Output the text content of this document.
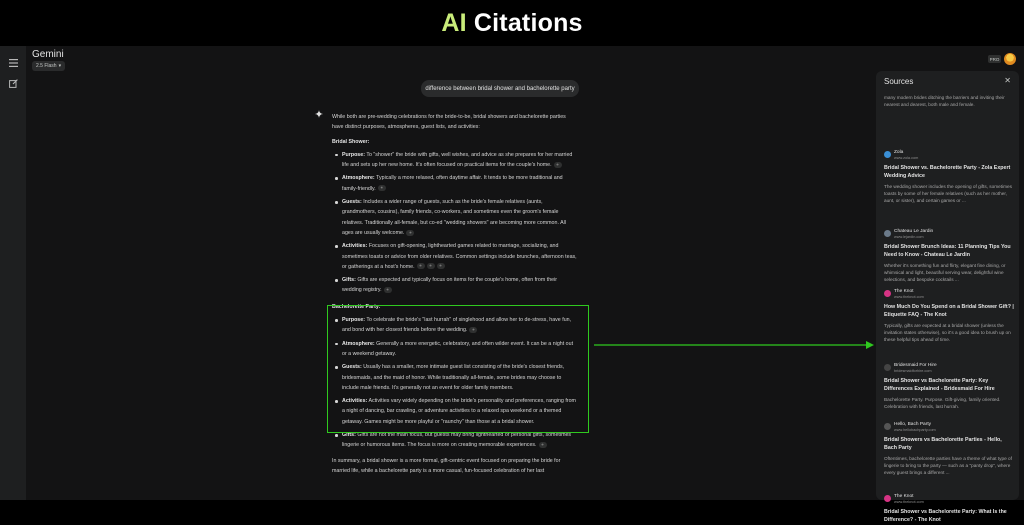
AI Citations
Gemini
2.5 Flash ▾
PRO
difference between bridal shower and bachelorette party
✦ While both are pre-wedding celebrations for the bride-to-be, bridal showers and bachelorette parties have distinct purposes, atmospheres, guest lists, and activities:

Bridal Shower:
Purpose: To "shower" the bride with gifts, well wishes, and advice as she prepares for her married life and sets up her new home. It's often focused on practical items for the couple's home. ⚭
Atmosphere: Typically a more relaxed, often daytime affair. It tends to be more traditional and family-friendly. ⚭
Guests: Includes a wider range of guests, such as the bride's female relatives (aunts, grandmothers, cousins), family friends, co-workers, and sometimes even the groom's female relatives. Traditionally all-female, but co-ed "wedding showers" are becoming more common. All ages are usually welcome. ⚭
Activities: Focuses on gift-opening, lighthearted games related to marriage, socializing, and sometimes toasts or advice from older relatives. Common settings include brunches, afternoon teas, or gatherings at a host's home. ⚭ ⚭ ⚭
Gifts: Gifts are expected and typically focus on items for the couple's home, often from their wedding registry. ⚭
Bachelorette Party:
Purpose: To celebrate the bride's "last hurrah" of singlehood and allow her to de-stress, have fun, and bond with her closest friends before the wedding. ⚭
Atmosphere: Generally a more energetic, celebratory, and often wilder event. It can be a night out or a weekend getaway.
Guests: Usually has a smaller, more intimate guest list consisting of the bride's closest friends, bridesmaids, and the maid of honor. While traditionally all-female, some brides may choose to include male friends. It's generally not an event for older family members.
Activities: Activities vary widely depending on the bride's personality and preferences, ranging from a night of dancing, bar crawling, or adventure activities to a relaxed spa weekend or a themed getaway. Games might be more playful or "raunchy" than those at a bridal shower.
Gifts: Gifts are not the main focus, but guests may bring lighthearted or personal gifts, sometimes lingerie or humorous items. The focus is more on creating memorable experiences. ⚭

In summary, a bridal shower is a more formal, gift-centric event focused on preparing the bride for married life, while a bachelorette party is a more casual, fun-focused celebration of her last

Sources	✕
many modern brides ditching the barriers and inviting their nearest and dearest, both male and female.
Zola
www.zola.com
Bridal Shower vs. Bachelorette Party - Zola Expert Wedding Advice
The wedding shower includes the opening of gifts, sometimes toasts by some of her female relatives (such as her mother, aunt, or sister), and certain games or ...
Chateau Le Jardin
www.lejardin.com
Bridal Shower Brunch Ideas: 11 Planning Tips You Need to Know - Chateau Le Jardin
Whether it's something fun and flirty, elegant fine dining, or whimsical and light, beautiful serving wear, delightful wine selections, and bespoke cocktails ...
The Knot
www.theknot.com
How Much Do You Spend on a Bridal Shower Gift? | Etiquette FAQ - The Knot
Typically, gifts are expected at a bridal shower (unless the invitation states otherwise), so it's a good idea to brush up on these helpful tips ahead of time.
Bridesmaid For Hire
bridesmaidforhire.com
Bridal Shower vs Bachelorette Party: Key Differences Explained - Bridesmaid For Hire
Bachelorette Party. Purpose. Gift-giving, family oriented. Celebration with friends, last hurrah.
Hello, Bach Party
www.hellobachparty.com
Bridal Showers vs Bachelorette Parties - Hello, Bach Party
Oftentimes, bachelorette parties have a theme of what type of lingerie to bring to the party — such as a "panty drop", where every guest brings a different ...
The Knot
www.theknot.com
Bridal Shower vs Bachelorette Party: What Is the Difference? - The Knot
